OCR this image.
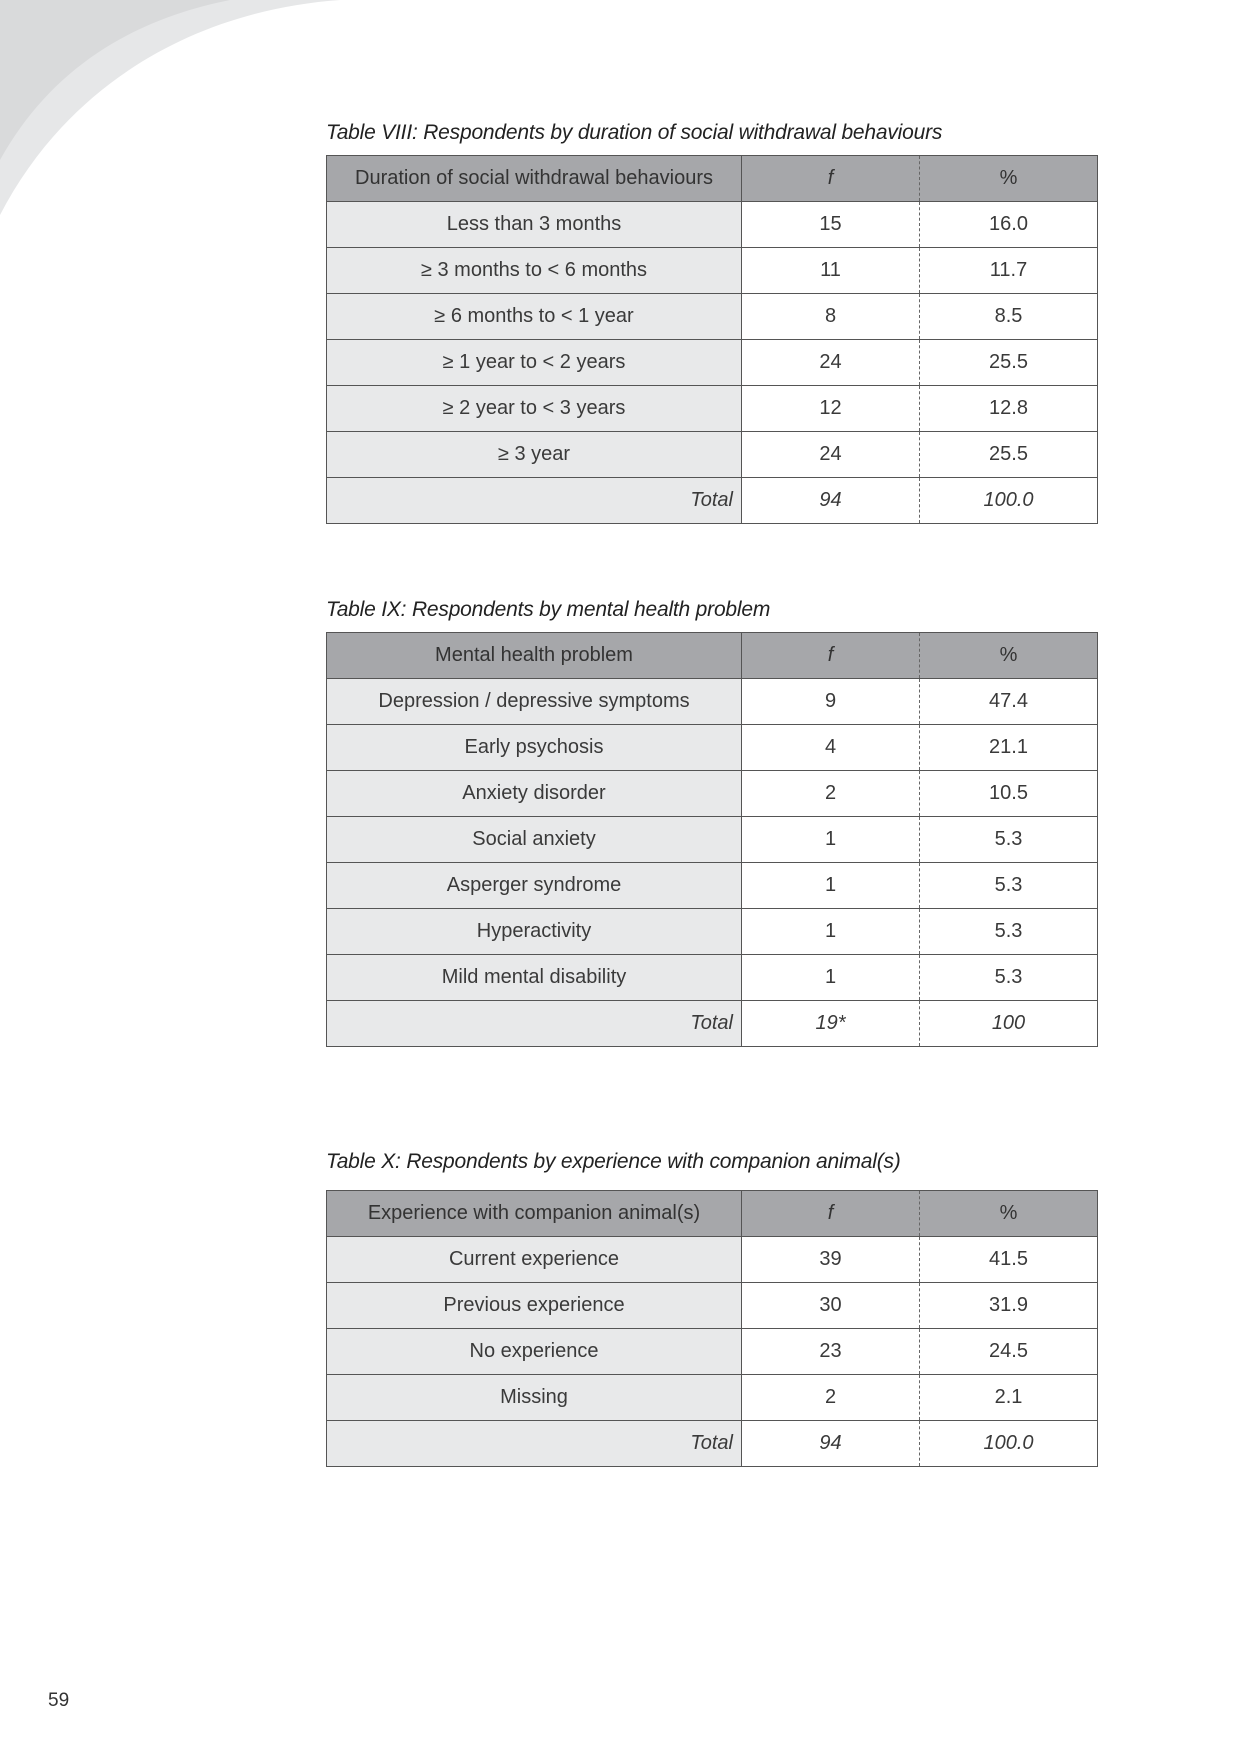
Table VIII: Respondents by duration of social withdrawal behaviours
Duration of social withdrawal behaviours	f	%
Less than 3 months	15	16.0
≥ 3 months to < 6 months	11	11.7
≥ 6 months to < 1 year	8	8.5
≥ 1 year to < 2 years	24	25.5
≥ 2 year to < 3 years	12	12.8
≥ 3 year	24	25.5
Total	94	100.0
Table IX: Respondents by mental health problem
Mental health problem	f	%
Depression / depressive symptoms	9	47.4
Early psychosis	4	21.1
Anxiety disorder	2	10.5
Social anxiety	1	5.3
Asperger syndrome	1	5.3
Hyperactivity	1	5.3
Mild mental disability	1	5.3
Total	19*	100
Table X: Respondents by experience with companion animal(s)
Experience with companion animal(s)	f	%
Current experience	39	41.5
Previous experience	30	31.9
No experience	23	24.5
Missing	2	2.1
Total	94	100.0
59
